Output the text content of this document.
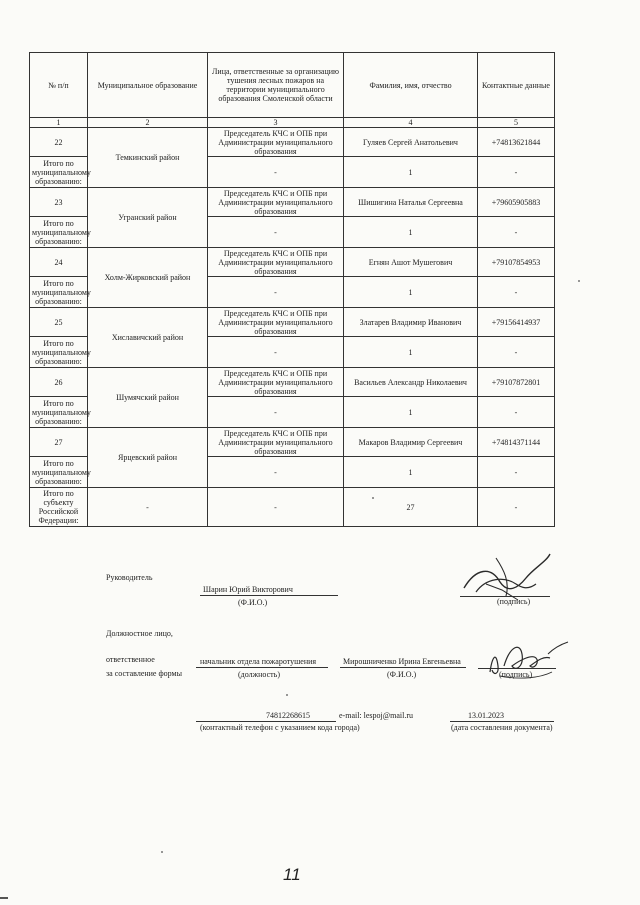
№ п/п	Муниципальное образование	Лица, ответственные за организацию тушения лесных пожаров на территории муниципального образования Смоленской области	Фамилия, имя, отчество	Контактные данные
1	2	3	4	5
22	Темкинский район	Председатель КЧС и ОПБ при Администрации муниципального образования	Гуляев Сергей Анатольевич	+74813621844
Итого по муниципальному образованию:		-	1	-
23	Угранский район	Председатель КЧС и ОПБ при Администрации муниципального образования	Шишигина Наталья Сергеевна	+79605905883
Итого по муниципальному образованию:		-	1	-
24	Холм-Жирковский район	Председатель КЧС и ОПБ при Администрации муниципального образования	Егнян Ашот Мушегович	+79107854953
Итого по муниципальному образованию:		-	1	-
25	Хиславичский район	Председатель КЧС и ОПБ при Администрации муниципального образования	Златарев Владимир Иванович	+79156414937
Итого по муниципальному образованию:		-	1	-
26	Шумячский район	Председатель КЧС и ОПБ при Администрации муниципального образования	Васильев Александр Николаевич	+79107872801
Итого по муниципальному образованию:		-	1	-
27	Ярцевский район	Председатель КЧС и ОПБ при Администрации муниципального образования	Макаров Владимир Сергеевич	+74814371144
Итого по муниципальному образованию:		-	1	-
Итого по субъекту Российской Федерации:	-	-	27	-
Руководитель
Шарин Юрий Викторович
(Ф.И.О.)	(подпись)
Должностное лицо,
ответственное
за составление формы
начальник отдела пожаротушения
(должность)
Мирошниченко Ирина Евгеньевна
(Ф.И.О.)	(подпись)
74812268615	e-mail: lespoj@mail.ru
(контактный телефон с указанием кода города)
13.01.2023
(дата составления документа)
11
